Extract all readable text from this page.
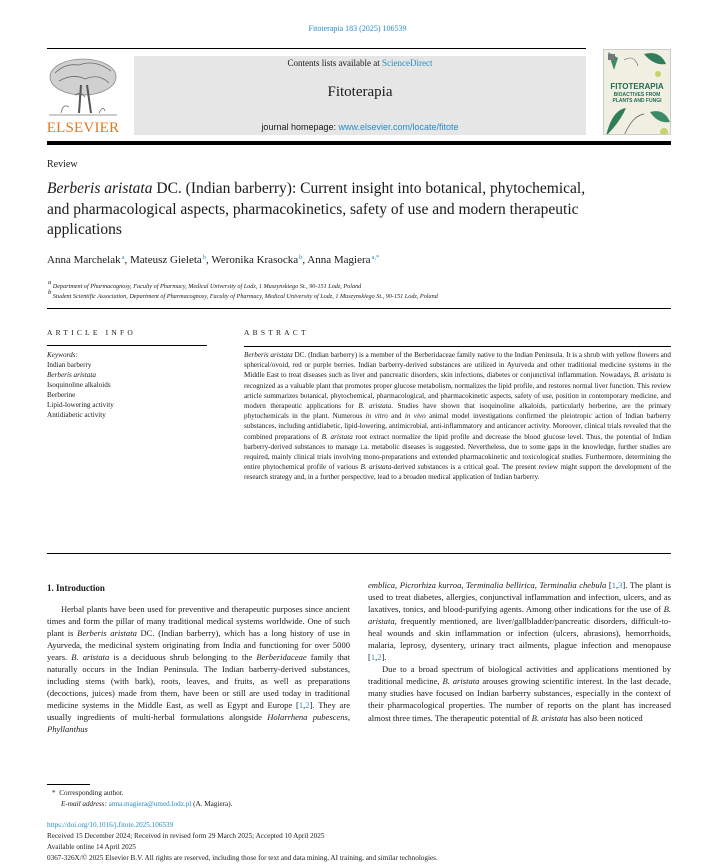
Fitoterapia 183 (2025) 106539
ELSEVIER
Contents lists available at ScienceDirect
Fitoterapia
journal homepage: www.elsevier.com/locate/fitote
FITOTERAPIA
BIOACTIVES FROM
PLANTS AND FUNGI
Review
Berberis aristata DC. (Indian barberry): Current insight into botanical, phytochemical, and pharmacological aspects, pharmacokinetics, safety of use and modern therapeutic applications
Anna Marchelak$^a$, Mateusz Gieleta$^b$, Weronika Krasocka$^b$, Anna Magiera$^{a,*}$
$^a$ Department of Pharmacognosy, Faculty of Pharmacy, Medical University of Lodz, 1 Muszynskiego St., 90-151 Lodz, Poland
$^b$ Student Scientific Association, Department of Pharmacognosy, Faculty of Pharmacy, Medical University of Lodz, 1 Muszynskiego St., 90-151 Lodz, Poland
ARTICLE INFO
Keywords:
Indian barberry
Berberis aristata
Isoquinoline alkaloids
Berberine
Lipid-lowering activity
Antidiabetic activity
ABSTRACT

Berberis aristata DC. (Indian barberry) is a member of the Berberidaceae family native to the Indian Peninsula. It is a shrub with yellow flowers and spherical/ovoid, red or purple berries. Indian barberry-derived substances are utilized in Ayurveda and other traditional medicine systems in the Middle East to treat diseases such as liver and pancreatic disorders, skin infections, diabetes or conjunctival inflammation. Nowadays, B. aristata is recognized as a valuable plant that promotes proper glucose metabolism, normalizes the lipid profile, and restores normal liver function. This review article summarizes botanical, phytochemical, pharmacological, and pharmacokinetic aspects, safety of use, position in contemporary medicine, and modern therapeutic applications for B. aristata. Studies have shown that isoquinoline alkaloids, particularly berberine, are the primary phytochemicals in the plant. Numerous in vitro and in vivo animal model investigations confirmed the pleiotropic action of Indian barberry substances, including antidiabetic, lipid-lowering, antimicrobial, anti-inflammatory and anticancer activity. Moreover, clinical trials revealed that the combined preparations of B. aristata root extract normalize the lipid profile and decrease the blood glucose level. Thus, the potential of Indian barberry-derived substances to manage i.a. metabolic diseases is suggested. Nevertheless, due to some gaps in the knowledge, further studies are required, mainly clinical trials involving mono-preparations and extended pharmacokinetic and toxicological studies. Furthermore, determining the entire phytochemical profile of various B. aristata-derived substances is a critical goal. The present review might support the development of the research strategy and, in a further perspective, lead to a broaden medical application of Indian barberry.

1. Introduction
Herbal plants have been used for preventive and therapeutic purposes since ancient times and form the pillar of many traditional medical systems worldwide. One of such plant is Berberis aristata DC. (Indian barberry), which has a long history of use in Ayurveda, the medicinal system originating from India and functioning for over 5000 years. B. aristata is a deciduous shrub belonging to the Berberidaceae family that naturally occurs in the Indian Peninsula. The Indian barberry-derived substances, including stems (with bark), roots, leaves, and fruits, as well as preparations (decoctions, juices) made from them, have been or still are used today in traditional medicine systems in the Middle East, as well as Egypt and Europe [1,2]. They are usually ingredients of multi-herbal formulations alongside Holarrhena pubescens, Phyllanthus
emblica, Picrorhiza kurroa, Terminalia bellirica, Terminalia chebula [1,3]. The plant is used to treat diabetes, allergies, conjunctival inflammation and infection, ulcers, and as laxatives, tonics, and blood-purifying agents. Among other indications for the use of B. aristata, frequently mentioned, are liver/gallbladder/pancreatic disorders, difficult-to-heal wounds and skin inflammation or infection (ulcers, abrasions), hemorrhoids, malaria, leprosy, dysentery, urinary tract ailments, plague infection and menopause [1,2].
Due to a broad spectrum of biological activities and applications mentioned by traditional medicine, B. aristata arouses growing scientific interest. In the last decade, many studies have focused on Indian barberry substances, especially in the context of their pharmacological properties. The number of reports on the plant has increased almost three times. The therapeutic potential of B. aristata has also been noticed
* Corresponding author.
E-mail address: anna.magiera@umed.lodz.pl (A. Magiera).
https://doi.org/10.1016/j.fitote.2025.106539
Received 15 December 2024; Received in revised form 29 March 2025; Accepted 10 April 2025
Available online 14 April 2025
0367-326X/© 2025 Elsevier B.V. All rights are reserved, including those for text and data mining, AI training, and similar technologies.
